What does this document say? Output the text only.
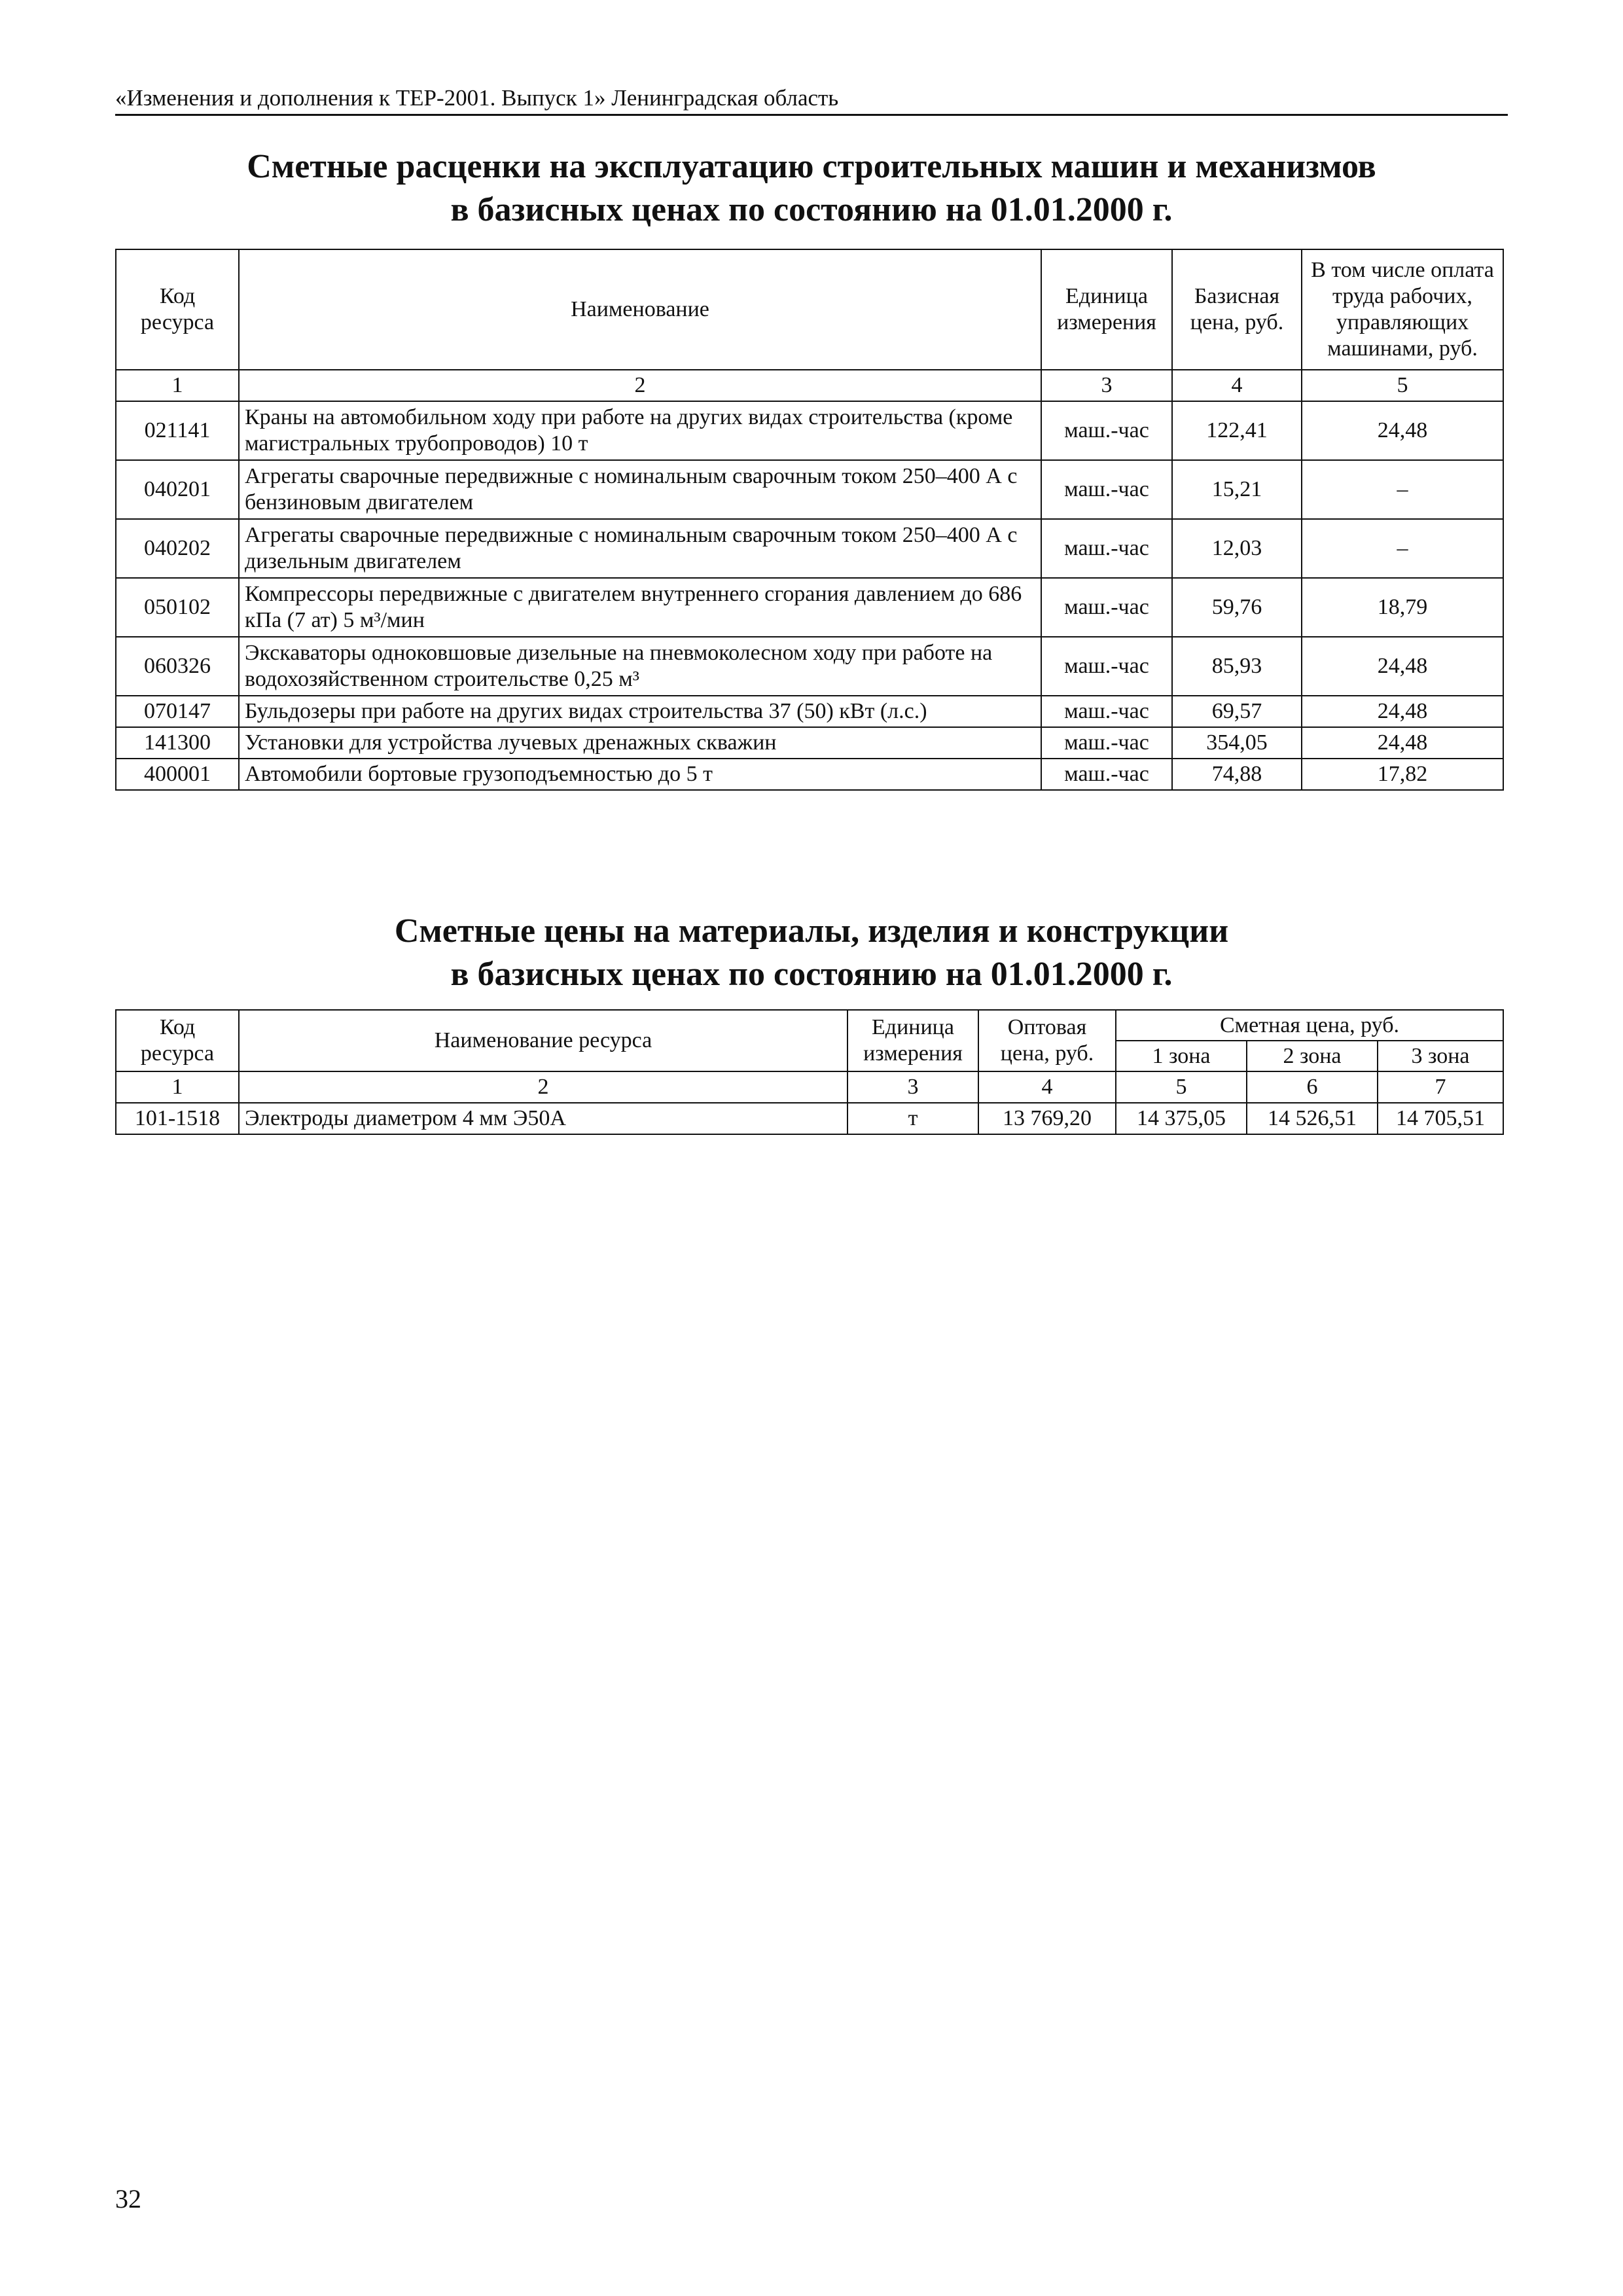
«Изменения и дополнения к ТЕР-2001. Выпуск 1» Ленинградская область
Сметные расценки на эксплуатацию строительных машин и механизмов
в базисных ценах по состоянию на 01.01.2000 г.
Код ресурса	Наименование	Единица измерения	Базисная цена, руб.	В том числе оплата труда рабочих, управляющих машинами, руб.
1	2	3	4	5
021141	Краны на автомобильном ходу при работе на других видах строительства (кроме магистральных трубопроводов) 10 т	маш.-час	122,41	24,48
040201	Агрегаты сварочные передвижные с номинальным сварочным током 250–400 А с бензиновым двигателем	маш.-час	15,21	–
040202	Агрегаты сварочные передвижные с номинальным сварочным током 250–400 А с дизельным двигателем	маш.-час	12,03	–
050102	Компрессоры передвижные с двигателем внутреннего сгорания давлением до 686 кПа (7 ат) 5 м³/мин	маш.-час	59,76	18,79
060326	Экскаваторы одноковшовые дизельные на пневмоколесном ходу при работе на водохозяйственном строительстве 0,25 м³	маш.-час	85,93	24,48
070147	Бульдозеры при работе на других видах строительства 37 (50) кВт (л.с.)	маш.-час	69,57	24,48
141300	Установки для устройства лучевых дренажных скважин	маш.-час	354,05	24,48
400001	Автомобили бортовые грузоподъемностью до 5 т	маш.-час	74,88	17,82
Сметные цены на материалы, изделия и конструкции
в базисных ценах по состоянию на 01.01.2000 г.
Код ресурса	Наименование ресурса	Единица измерения	Оптовая цена, руб.	Сметная цена, руб.		
				1 зона	2 зона	3 зона
1	2	3	4	5	6	7
101-1518	Электроды диаметром 4 мм Э50А	т	13 769,20	14 375,05	14 526,51	14 705,51
32
